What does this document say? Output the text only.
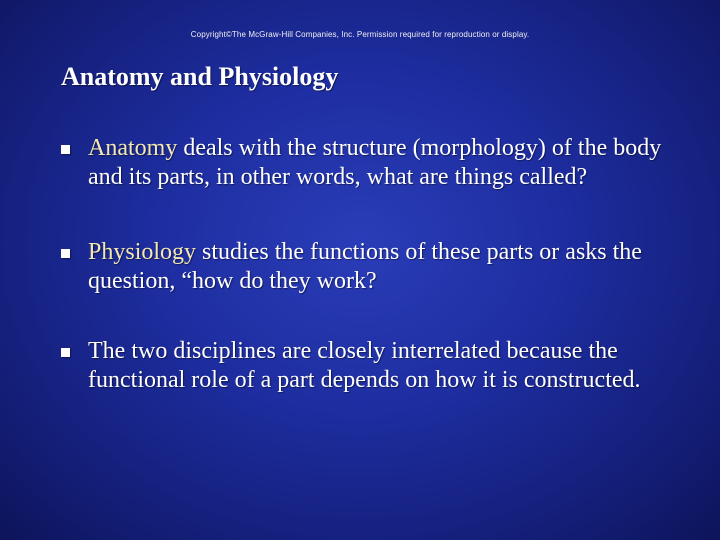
Copyright©The McGraw-Hill Companies, Inc. Permission required for reproduction or display.
Anatomy and Physiology
Anatomy deals with the structure (morphology) of the body and its parts, in other words, what are things called?
Physiology studies the functions of these parts or asks the question, “how do they work?
The two disciplines are closely interrelated because the functional role of a part depends on how it is constructed.
